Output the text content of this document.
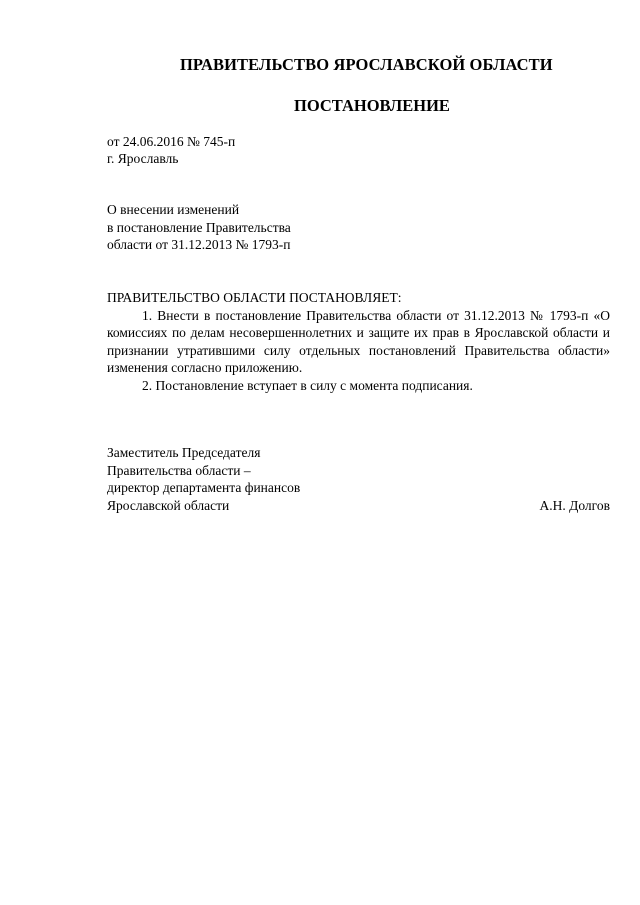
ПРАВИТЕЛЬСТВО ЯРОСЛАВСКОЙ ОБЛАСТИ
ПОСТАНОВЛЕНИЕ
от 24.06.2016 № 745-п
г. Ярославль
О внесении изменений
в постановление Правительства
области от 31.12.2013 № 1793-п

ПРАВИТЕЛЬСТВО ОБЛАСТИ ПОСТАНОВЛЯЕТ:

1. Внести в постановление Правительства области от 31.12.2013 № 1793-п «О комиссиях по делам несовершеннолетних и защите их прав в Ярославской области и признании утратившими силу отдельных постановлений Правительства области» изменения согласно приложению.

2. Постановление вступает в силу с момента подписания.

Заместитель Председателя
Правительства области –
директор департамента финансов
Ярославской области	А.Н. Долгов
